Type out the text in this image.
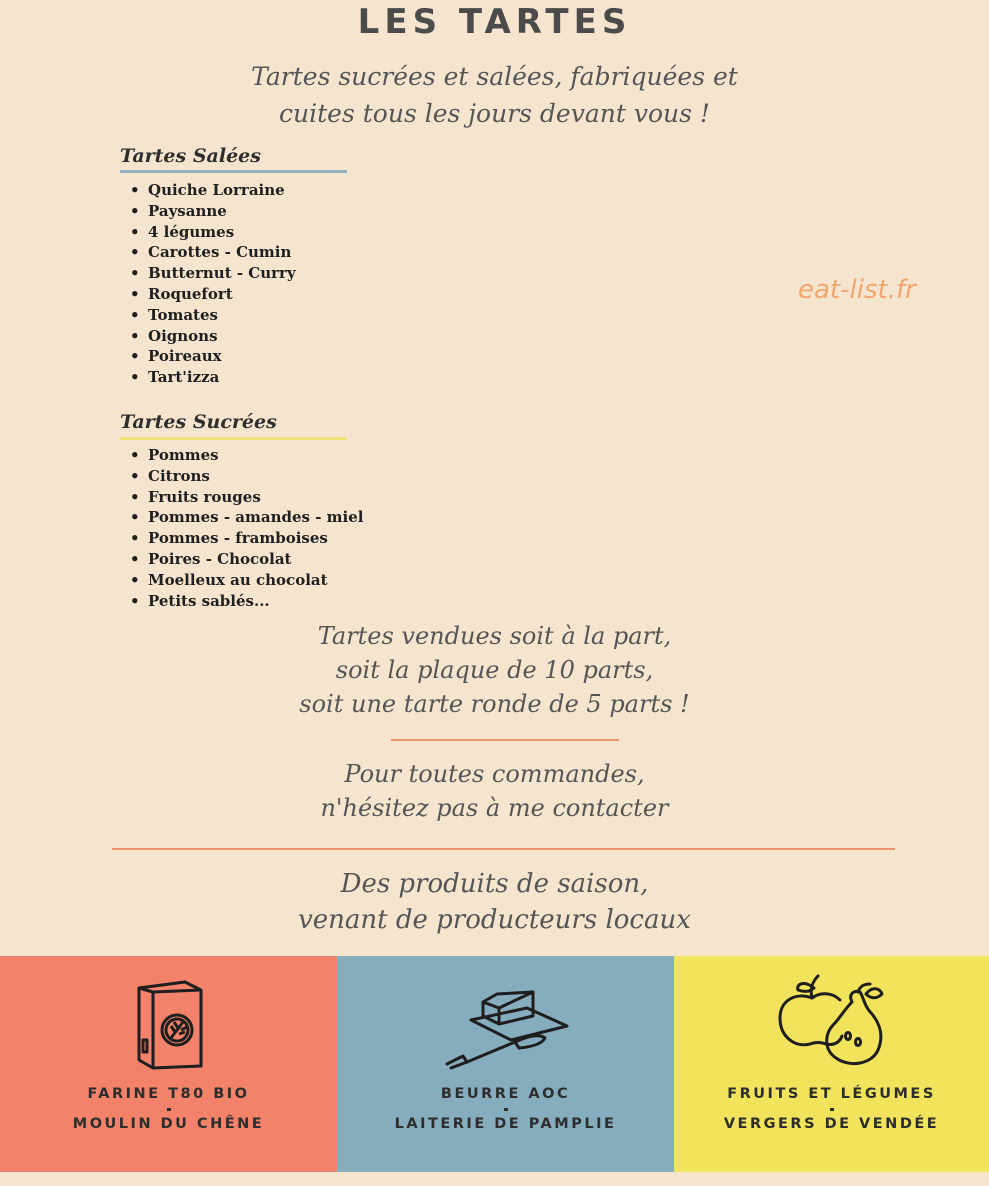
LES TARTES
Tartes sucrées et salées, fabriquées et
cuites tous les jours devant vous !
Tartes Salées
• Quiche Lorraine
• Paysanne
• 4 légumes
• Carottes - Cumin
• Butternut - Curry
• Roquefort
• Tomates
• Oignons
• Poireaux
• Tart'izza
eat-list.fr
Tartes Sucrées
• Pommes
• Citrons
• Fruits rouges
• Pommes - amandes - miel
• Pommes - framboises
• Poires - Chocolat
• Moelleux au chocolat
• Petits sablés...
Tartes vendues soit à la part,
soit la plaque de 10 parts,
soit une tarte ronde de 5 parts !
Pour toutes commandes,
n'hésitez pas à me contacter
Des produits de saison,
venant de producteurs locaux
FARINE T80 BIO
MOULIN DU CHÊNE
BEURRE AOC
LAITERIE DE PAMPLIE
FRUITS ET LÉGUMES
VERGERS DE VENDÉE
